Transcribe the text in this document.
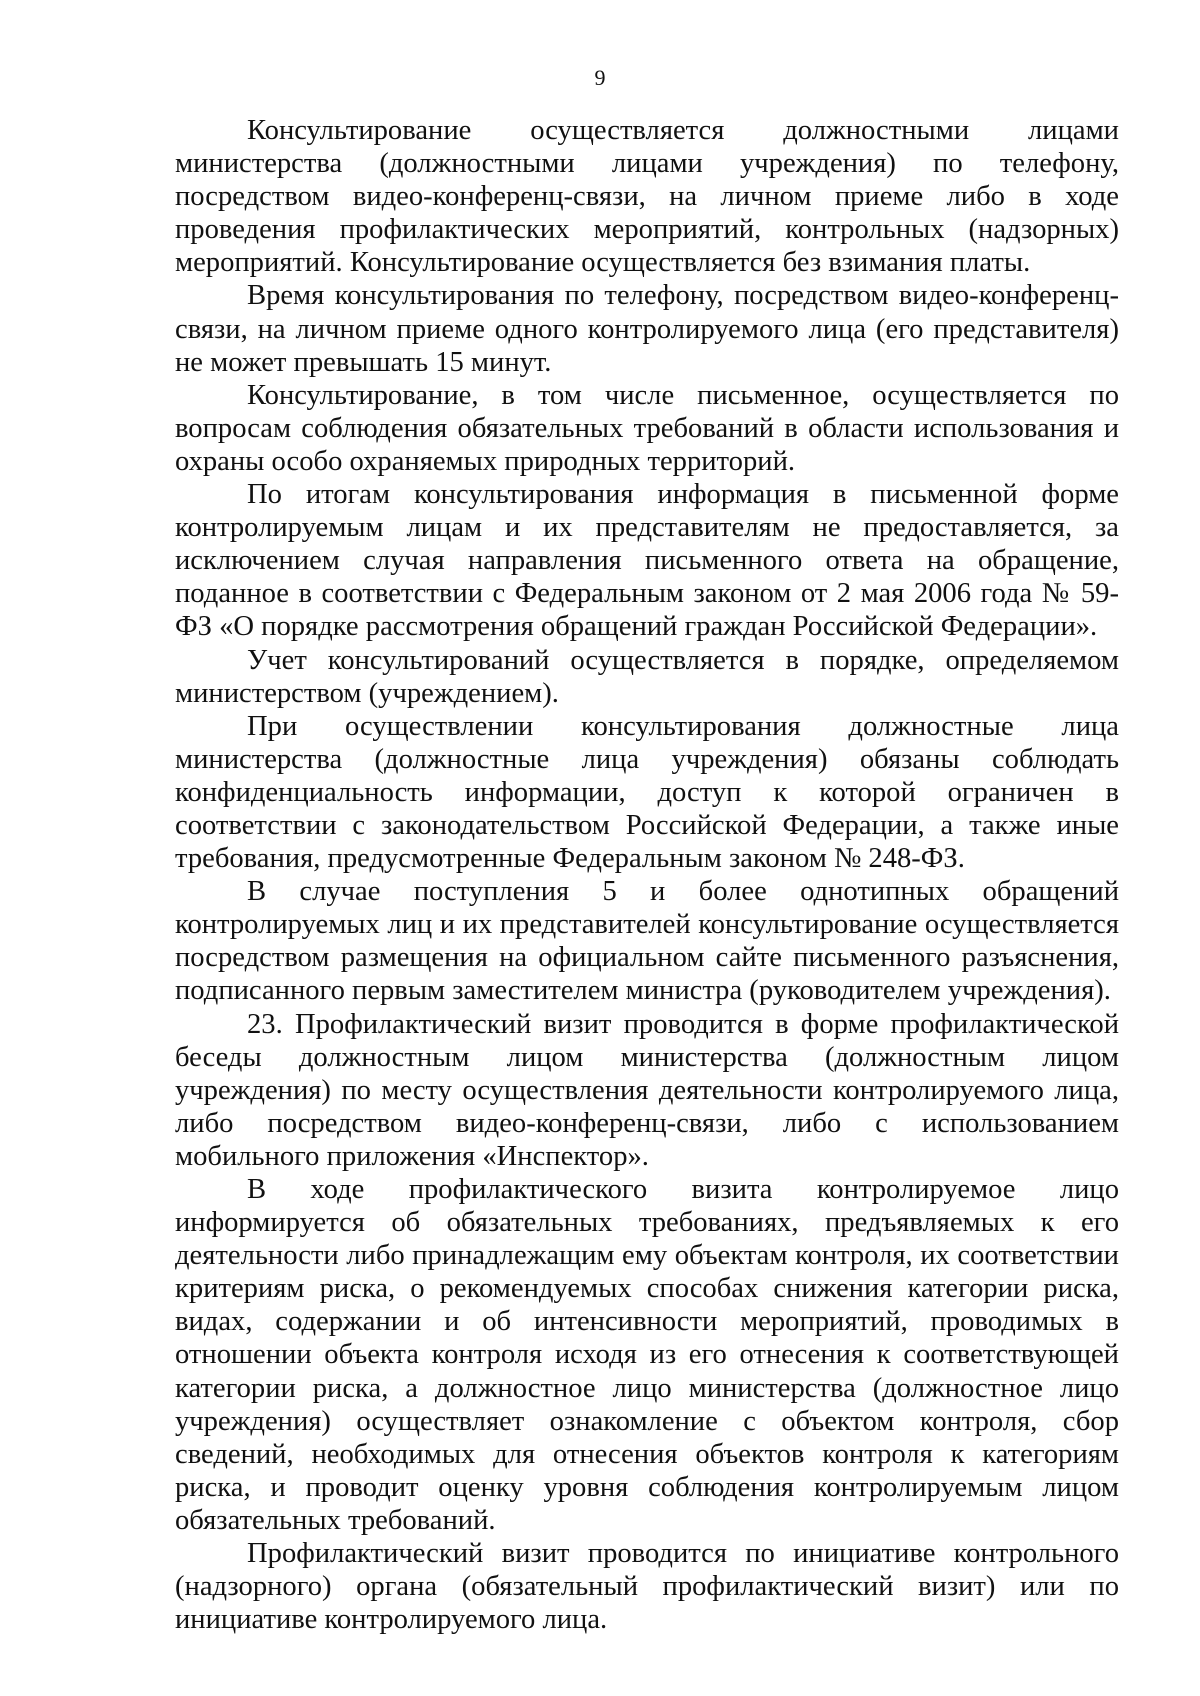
9

Консультирование осуществляется должностными лицами министерства (должностными лицами учреждения) по телефону, посредством видео-конференц-связи, на личном приеме либо в ходе проведения профилактических мероприятий, контрольных (надзорных) мероприятий. Консультирование осуществляется без взимания платы.

Время консультирования по телефону, посредством видео-конференц-связи, на личном приеме одного контролируемого лица (его представителя) не может превышать 15 минут.

Консультирование, в том числе письменное, осуществляется по вопросам соблюдения обязательных требований в области использования и охраны особо охраняемых природных территорий.

По итогам консультирования информация в письменной форме контролируемым лицам и их представителям не предоставляется, за исключением случая направления письменного ответа на обращение, поданное в соответствии с Федеральным законом от 2 мая 2006 года № 59-ФЗ «О порядке рассмотрения обращений граждан Российской Федерации».

Учет консультирований осуществляется в порядке, определяемом министерством (учреждением).

При осуществлении консультирования должностные лица министерства (должностные лица учреждения) обязаны соблюдать конфиденциальность информации, доступ к которой ограничен в соответствии с законодательством Российской Федерации, а также иные требования, предусмотренные Федеральным законом № 248-ФЗ.

В случае поступления 5 и более однотипных обращений контролируемых лиц и их представителей консультирование осуществляется посредством размещения на официальном сайте письменного разъяснения, подписанного первым заместителем министра (руководителем учреждения).

23. Профилактический визит проводится в форме профилактической беседы должностным лицом министерства (должностным лицом учреждения) по месту осуществления деятельности контролируемого лица, либо посредством видео-конференц-связи, либо с использованием мобильного приложения «Инспектор».

В ходе профилактического визита контролируемое лицо информируется об обязательных требованиях, предъявляемых к его деятельности либо принадлежащим ему объектам контроля, их соответствии критериям риска, о рекомендуемых способах снижения категории риска, видах, содержании и об интенсивности мероприятий, проводимых в отношении объекта контроля исходя из его отнесения к соответствующей категории риска, а должностное лицо министерства (должностное лицо учреждения) осуществляет ознакомление с объектом контроля, сбор сведений, необходимых для отнесения объектов контроля к категориям риска, и проводит оценку уровня соблюдения контролируемым лицом обязательных требований.

Профилактический визит проводится по инициативе контрольного (надзорного) органа (обязательный профилактический визит) или по инициативе контролируемого лица.
